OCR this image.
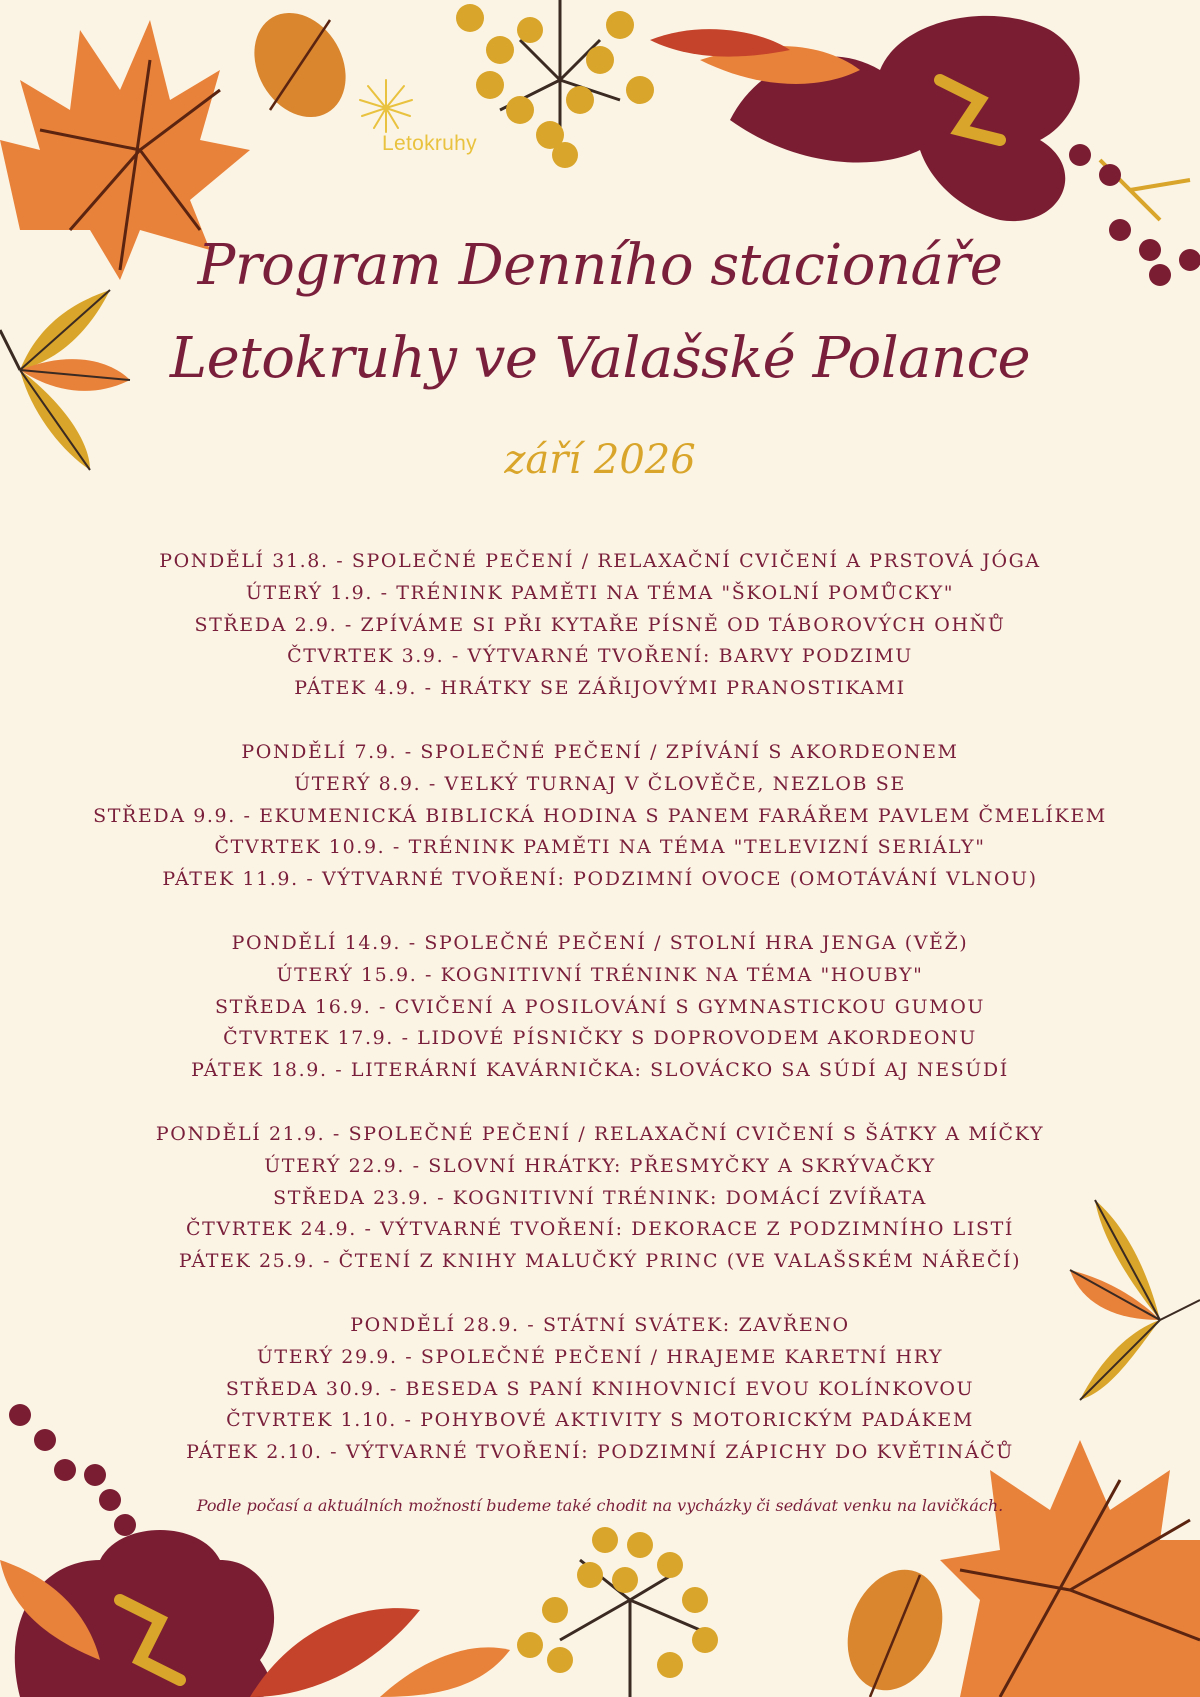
Letokruhy
Program Denního stacionáře
Letokruhy ve Valašské Polance
září 2026
PONDĚLÍ 31.8. - SPOLEČNÉ PEČENÍ / RELAXAČNÍ CVIČENÍ A PRSTOVÁ JÓGA
ÚTERÝ 1.9. - TRÉNINK PAMĚTI NA TÉMA "ŠKOLNÍ POMŮCKY"
STŘEDA 2.9. - ZPÍVÁME SI PŘI KYTAŘE PÍSNĚ OD TÁBOROVÝCH OHŇŮ
ČTVRTEK 3.9. - VÝTVARNÉ TVOŘENÍ: BARVY PODZIMU
PÁTEK 4.9. - HRÁTKY SE ZÁŘIJOVÝMI PRANOSTIKAMI
PONDĚLÍ 7.9. - SPOLEČNÉ PEČENÍ / ZPÍVÁNÍ S AKORDEONEM
ÚTERÝ 8.9. - VELKÝ TURNAJ V ČLOVĚČE, NEZLOB SE
STŘEDA 9.9. - EKUMENICKÁ BIBLICKÁ HODINA S PANEM FARÁŘEM PAVLEM ČMELÍKEM
ČTVRTEK 10.9. - TRÉNINK PAMĚTI NA TÉMA "TELEVIZNÍ SERIÁLY"
PÁTEK 11.9. - VÝTVARNÉ TVOŘENÍ: PODZIMNÍ OVOCE (OMOTÁVÁNÍ VLNOU)
PONDĚLÍ 14.9. - SPOLEČNÉ PEČENÍ / STOLNÍ HRA JENGA (VĚŽ)
ÚTERÝ 15.9. - KOGNITIVNÍ TRÉNINK NA TÉMA "HOUBY"
STŘEDA 16.9. - CVIČENÍ A POSILOVÁNÍ S GYMNASTICKOU GUMOU
ČTVRTEK 17.9. - LIDOVÉ PÍSNIČKY S DOPROVODEM AKORDEONU
PÁTEK 18.9. - LITERÁRNÍ KAVÁRNIČKA: SLOVÁCKO SA SÚDÍ AJ NESÚDÍ
PONDĚLÍ 21.9. - SPOLEČNÉ PEČENÍ / RELAXAČNÍ CVIČENÍ S ŠÁTKY A MÍČKY
ÚTERÝ 22.9. - SLOVNÍ HRÁTKY: PŘESMYČKY A SKRÝVAČKY
STŘEDA 23.9. - KOGNITIVNÍ TRÉNINK: DOMÁCÍ ZVÍŘATA
ČTVRTEK 24.9. - VÝTVARNÉ TVOŘENÍ: DEKORACE Z PODZIMNÍHO LISTÍ
PÁTEK 25.9. - ČTENÍ Z KNIHY MALUČKÝ PRINC (VE VALAŠSKÉM NÁŘEČÍ)
PONDĚLÍ 28.9. - STÁTNÍ SVÁTEK: ZAVŘENO
ÚTERÝ 29.9. - SPOLEČNÉ PEČENÍ / HRAJEME KARETNÍ HRY
STŘEDA 30.9. - BESEDA S PANÍ KNIHOVNICÍ EVOU KOLÍNKOVOU
ČTVRTEK 1.10. - POHYBOVÉ AKTIVITY S MOTORICKÝM PADÁKEM
PÁTEK 2.10. - VÝTVARNÉ TVOŘENÍ: PODZIMNÍ ZÁPICHY DO KVĚTINÁČŮ
Podle počasí a aktuálních možností budeme také chodit na vycházky či sedávat venku na lavičkách.
